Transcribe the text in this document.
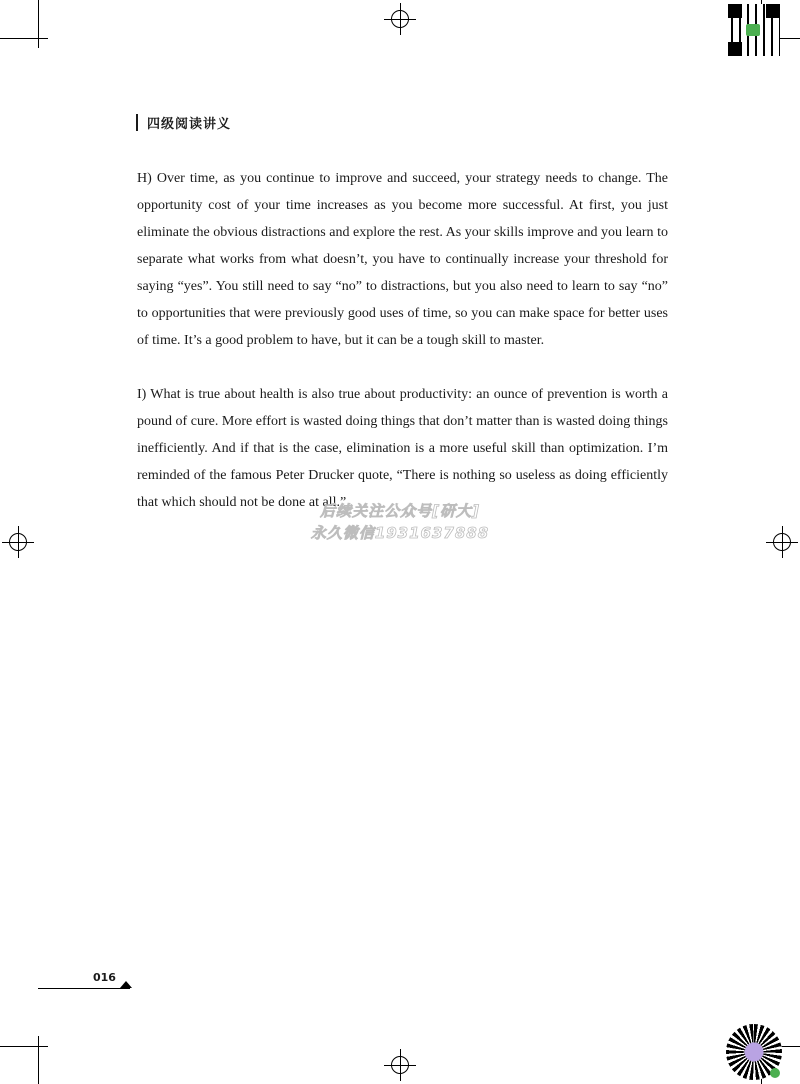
四级阅读讲义

H) Over time, as you continue to improve and succeed, your strategy needs to change. The opportunity cost of your time increases as you become more successful. At first, you just eliminate the obvious distractions and explore the rest. As your skills improve and you learn to separate what works from what doesn’t, you have to continually increase your threshold for saying “yes”. You still need to say “no” to distractions, but you also need to learn to say “no” to opportunities that were previously good uses of time, so you can make space for better uses of time. It’s a good problem to have, but it can be a tough skill to master.

I) What is true about health is also true about productivity: an ounce of prevention is worth a pound of cure. More effort is wasted doing things that don’t matter than is wasted doing things inefficiently. And if that is the case, elimination is a more useful skill than optimization. I’m reminded of the famous Peter Drucker quote, “There is nothing so useless as doing efficiently that which should not be done at all.”

后续关注公众号[研大]
永久微信19316​37888
016
